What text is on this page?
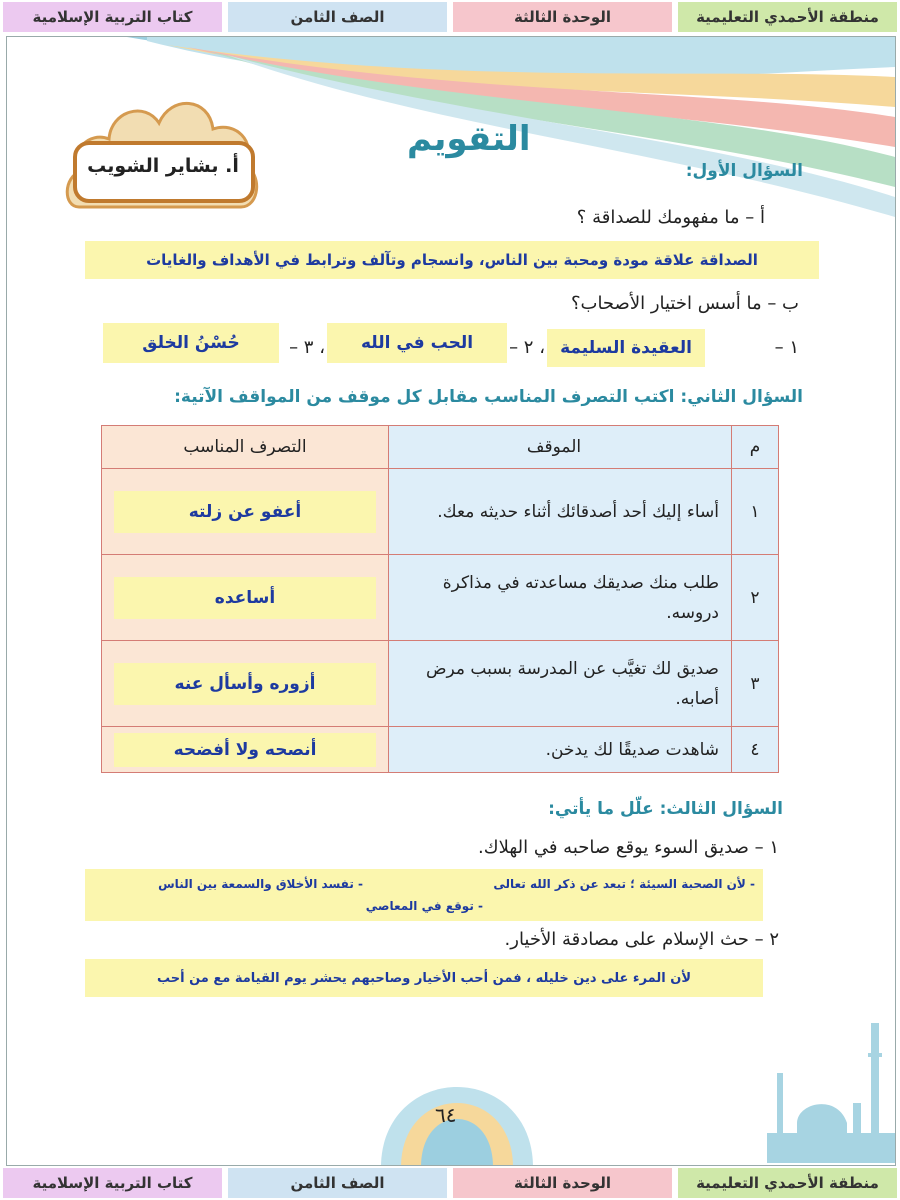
كتاب التربية الإسلامية	الصف الثامن	الوحدة الثالثة	منطقة الأحمدي التعليمية
التقويم
أ. بشاير الشويب	السؤال الأول:
أ – ما مفهومك للصداقة ؟
الصداقة علاقة مودة ومحبة بين الناس، وانسجام وتآلف وترابط في الأهداف والغايات
ب – ما أسس اختيار الأصحاب؟
١ –
العقيدة السليمة
، ٢ –
الحب في الله
، ٣ –
حُسْنُ الخلق
السؤال الثاني: اكتب التصرف المناسب مقابل كل موقف من المواقف الآتية:
م	الموقف	التصرف المناسب
١	أساء إليك أحد أصدقائك أثناء حديثه معك.	أعفو عن زلته

٢	طلب منك صديقك مساعدته في مذاكرة دروسه.	أساعده

٣	صديق لك تغيَّب عن المدرسة بسبب مرض أصابه.	أزوره وأسأل عنه

٤	شاهدت صديقًا لك يدخن.	أنصحه ولا أفضحه
السؤال الثالث: علّل ما يأتي:
١ – صديق السوء يوقع صاحبه في الهلاك.
- لأن الصحبة السيئة ؛ تبعد عن ذكر الله تعالى
- تفسد الأخلاق والسمعة بين الناس
- توقع في المعاصي
٢ – حث الإسلام على مصادقة الأخيار.
لأن المرء على دين خليله ، فمن أحب الأخيار وصاحبهم يحشر يوم القيامة مع من أحب
٦٤
كتاب التربية الإسلامية	الصف الثامن	الوحدة الثالثة	منطقة الأحمدي التعليمية
